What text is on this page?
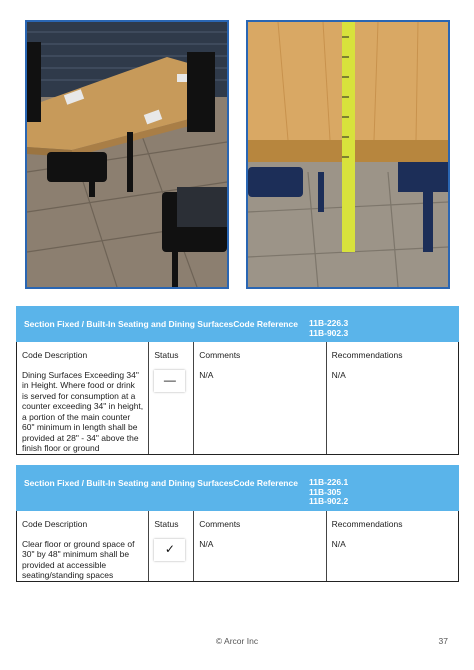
Section Fixed / Built-In Seating and Dining SurfacesCode Reference 11B-226.3
11B-902.3
Code Description
Dining Surfaces Exceeding 34" in Height. Where food or drink is served for consumption at a counter exceeding 34" in height, a portion of the main counter 60" minimum in length shall be provided at 28" - 34" above the finish floor or ground
Status
—
Comments
N/A
Recommendations
N/A
Section Fixed / Built-In Seating and Dining SurfacesCode Reference 11B-226.1
11B-305
11B-902.2
Code Description
Clear floor or ground space of 30" by 48" minimum shall be provided at accessible seating/standing spaces
Status
✓
Comments
N/A
Recommendations
N/A
© Arcor Inc	37
